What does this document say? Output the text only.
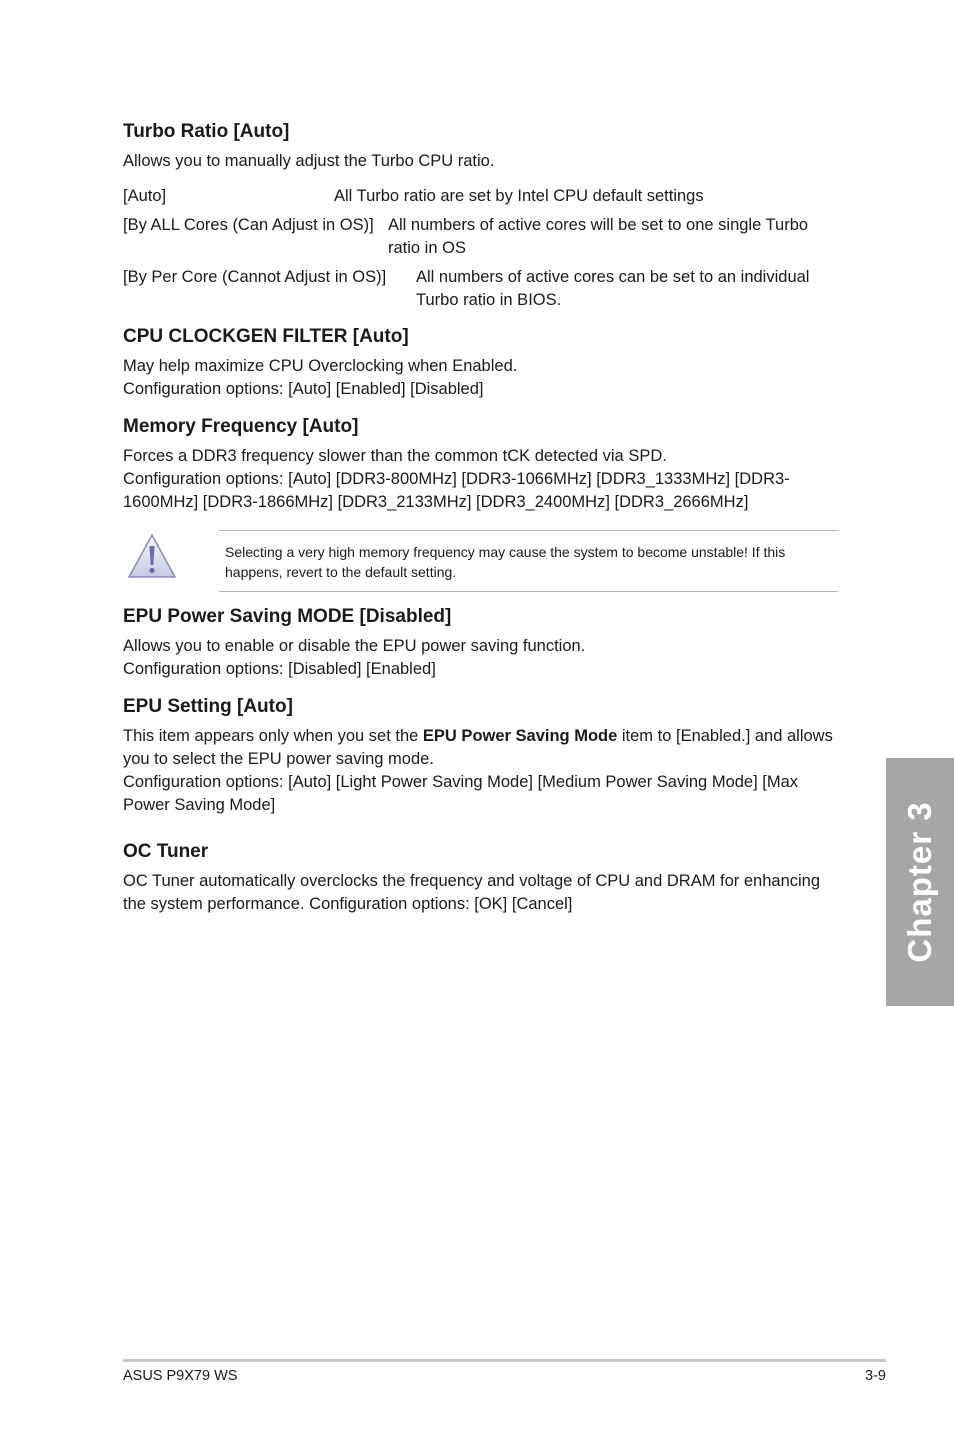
Turbo Ratio [Auto]

Allows you to manually adjust the Turbo CPU ratio.

[Auto]	All Turbo ratio are set by Intel CPU default settings
[By ALL Cores (Can Adjust in OS)] All numbers of active cores will be set to one single Turbo ratio in OS
[By Per Core (Cannot Adjust in OS)]	All numbers of active cores can be set to an individual Turbo ratio in BIOS.
CPU CLOCKGEN FILTER [Auto]

May help maximize CPU Overclocking when Enabled.

Configuration options: [Auto] [Enabled] [Disabled]

Memory Frequency [Auto]

Forces a DDR3 frequency slower than the common tCK detected via SPD.

Configuration options: [Auto] [DDR3-800MHz] [DDR3-1066MHz] [DDR3_1333MHz] [DDR3-1600MHz] [DDR3-1866MHz] [DDR3_2133MHz] [DDR3_2400MHz] [DDR3_2666MHz]

Selecting a very high memory frequency may cause the system to become unstable! If this happens, revert to the default setting.
EPU Power Saving MODE [Disabled]

Allows you to enable or disable the EPU power saving function.

Configuration options: [Disabled] [Enabled]

EPU Setting [Auto]

This item appears only when you set the EPU Power Saving Mode item to [Enabled.] and allows you to select the EPU power saving mode.

Configuration options: [Auto] [Light Power Saving Mode] [Medium Power Saving Mode] [Max Power Saving Mode]

OC Tuner

OC Tuner automatically overclocks the frequency and voltage of CPU and DRAM for enhancing the system performance. Configuration options: [OK] [Cancel]	Chapter 3
ASUS P9X79 WS	3-9
